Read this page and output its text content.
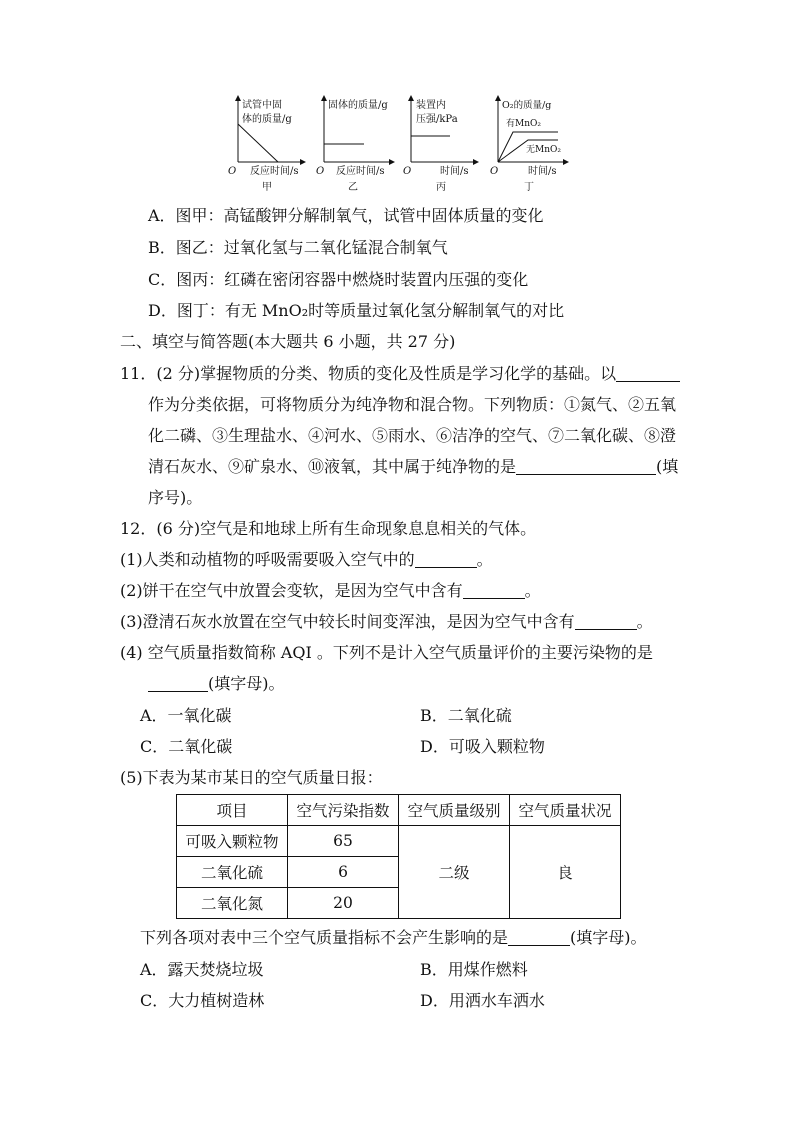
试管中固
体的质量/g
O 反应时间/s
甲
固体的质量/g
O 反应时间/s
乙
装置内
压强/kPa
O	时间/s
丙
O₂的质量/g
有MnO₂
无MnO₂
O	时间/s
丁
A．图甲：高锰酸钾分解制氧气，试管中固体质量的变化
B．图乙：过氧化氢与二氧化锰混合制氧气
C．图丙：红磷在密闭容器中燃烧时装置内压强的变化
D．图丁：有无 MnO₂时等质量过氧化氢分解制氧气的对比
二、填空与简答题(本大题共 6 小题，共 27 分)
11．(2 分)掌握物质的分类、物质的变化及性质是学习化学的基础。以
作为分类依据，可将物质分为纯净物和混合物。下列物质：①氮气、②五氧
化二磷、③生理盐水、④河水、⑤雨水、⑥洁净的空气、⑦二氧化碳、⑧澄
清石灰水、⑨矿泉水、⑩液氧，其中属于纯净物的是	(填
序号)。
12．(6 分)空气是和地球上所有生命现象息息相关的气体。
(1)人类和动植物的呼吸需要吸入空气中的	。
(2)饼干在空气中放置会变软，是因为空气中含有	。
(3)澄清石灰水放置在空气中较长时间变浑浊，是因为空气中含有	。
(4) 空气质量指数简称 AQI 。下列不是计入空气质量评价的主要污染物的是
(填字母)。
A．一氧化碳	B．二氧化硫
C．二氧化碳	D．可吸入颗粒物
(5)下表为某市某日的空气质量日报：
项目	空气污染指数	空气质量级别	空气质量状况
可吸入颗粒物	65	二级	良
二氧化硫	6		
二氧化氮	20		
下列各项对表中三个空气质量指标不会产生影响的是	(填字母)。
A．露天焚烧垃圾	B．用煤作燃料
C．大力植树造林	D．用洒水车洒水
